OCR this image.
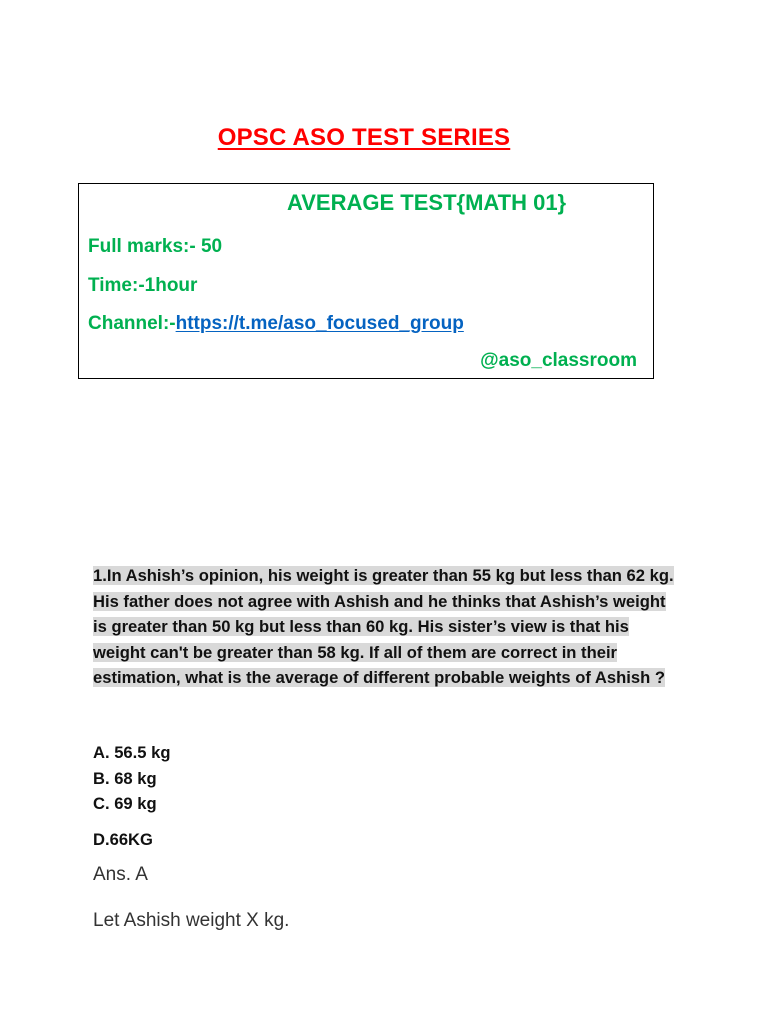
OPSC ASO TEST SERIES
AVERAGE TEST{MATH 01}
Full marks:- 50
Time:-1hour
Channel:-https://t.me/aso_focused_group
@aso_classroom
1.In Ashish’s opinion, his weight is greater than 55 kg but less than 62 kg. His father does not agree with Ashish and he thinks that Ashish’s weight is greater than 50 kg but less than 60 kg. His sister’s view is that his weight can't be greater than 58 kg. If all of them are correct in their estimation, what is the average of different probable weights of Ashish ?
A. 56.5 kg
B. 68 kg
C. 69 kg
D.66KG
Ans. A
Let Ashish weight X kg.
